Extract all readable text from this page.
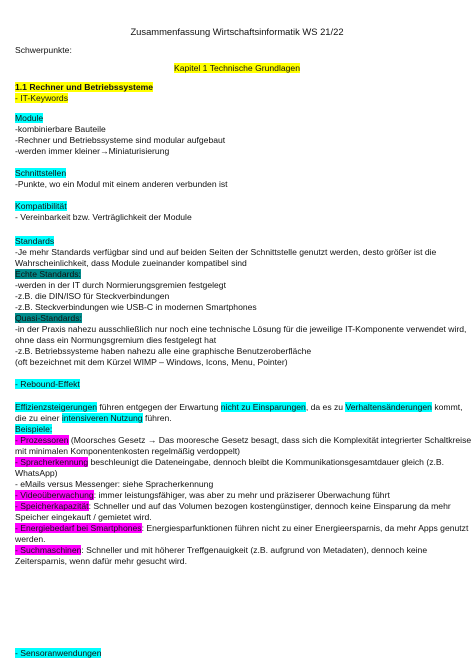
Zusammenfassung Wirtschaftsinformatik WS 21/22
Schwerpunkte:
Kapitel 1 Technische Grundlagen
1.1 Rechner und Betriebssysteme
- IT-Keywords
Module
-kombinierbare Bauteile
-Rechner und Betriebssysteme sind modular aufgebaut
-werden immer kleiner→Miniaturisierung
Schnittstellen
-Punkte, wo ein Modul mit einem anderen verbunden ist
Kompatibilität
- Vereinbarkeit bzw. Verträglichkeit der Module
Standards
-Je mehr Standards verfügbar sind und auf beiden Seiten der Schnittstelle genutzt werden, desto größer ist die
Wahrscheinlichkeit, dass Module zueinander kompatibel sind
Echte Standards:
-werden in der IT durch Normierungsgremien festgelegt
-z.B. die DIN/ISO für Steckverbindungen
-z.B. Steckverbindungen wie USB-C in modernen Smartphones
Quasi-Standards:
-in der Praxis nahezu ausschließlich nur noch eine technische Lösung für die jeweilige IT-Komponente verwendet wird,
ohne dass ein Normungsgremium dies festgelegt hat
-z.B. Betriebssysteme haben nahezu alle eine graphische Benutzeroberfläche
(oft bezeichnet mit dem Kürzel WIMP – Windows, Icons, Menu, Pointer)
- Rebound-Effekt
Effizienzsteigerungen führen entgegen der Erwartung nicht zu Einsparungen, da es zu Verhaltensänderungen kommt,
die zu einer intensiveren Nutzung führen.
Beispiele:
- Prozessoren (Moorsches Gesetz → Das mooresche Gesetz besagt, dass sich die Komplexität integrierter Schaltkreise
mit minimalen Komponentenkosten regelmäßig verdoppelt)
- Spracherkennung beschleunigt die Dateneingabe, dennoch bleibt die Kommunikationsgesamtdauer gleich (z.B.
WhatsApp)
- eMails versus Messenger: siehe Spracherkennung
- Videoüberwachung: immer leistungsfähiger, was aber zu mehr und präziserer Überwachung führt
- Speicherkapazität: Schneller und auf das Volumen bezogen kostengünstiger, dennoch keine Einsparung da mehr
Speicher eingekauft / gemietet wird.
- Energiebedarf bei Smartphones: Energiesparfunktionen führen nicht zu einer Energieersparnis, da mehr Apps genutzt
werden.
- Suchmaschinen: Schneller und mit höherer Treffgenauigkeit (z.B. aufgrund von Metadaten), dennoch keine
Zeitersparnis, wenn dafür mehr gesucht wird.
- Sensoranwendungen
